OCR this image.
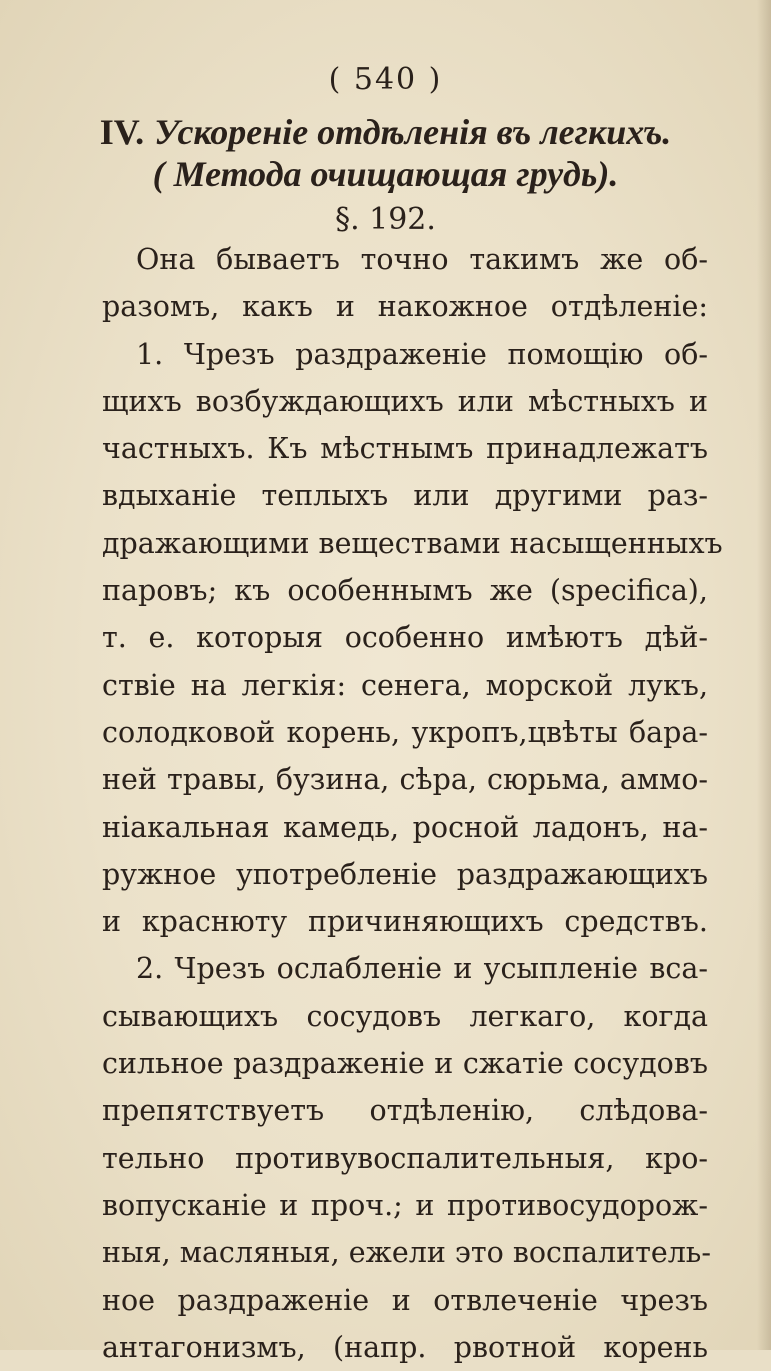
( 540 )
IV. Ускоренie отдѣленiя въ легкихъ.
( Метода очищающая грудь).
§. 192.
Она бываетъ точно такимъ же об-
разомъ, какъ и накожное отдѣленie:
1. Чрезъ раздраженie помощiю об-
щихъ возбуждающихъ или мѣстныхъ и
частныхъ. Къ мѣстнымъ принадлежатъ
вдыханie теплыхъ или другими раз-
дражающими веществами насыщенныхъ
паровъ; къ особеннымъ же (specifica),
т. е. которыя особенно имѣютъ дѣй-
ствie на легкiя: сенега, морской лукъ,
солодковой корень, укропъ,цвѣты бара-
ней травы, бузина, сѣра, сюрьма, аммо-
нiакальная камедь, росной ладонъ, на-
ружное употребленie раздражающихъ
и краснюту причиняющихъ средствъ.
2. Чрезъ ослабленie и усыпленie вса-
сывающихъ сосудовъ легкаго, когда
сильное раздраженie и сжатie сосудовъ
препятствуетъ отдѣленiю, слѣдова-
тельно противувоспалительныя, кро-
вопусканie и проч.; и противосудорож-
ныя, масляныя, ежели это воспалитель-
ное раздраженie и отвлеченie чрезъ
антагонизмъ, (напр. рвотной корень
